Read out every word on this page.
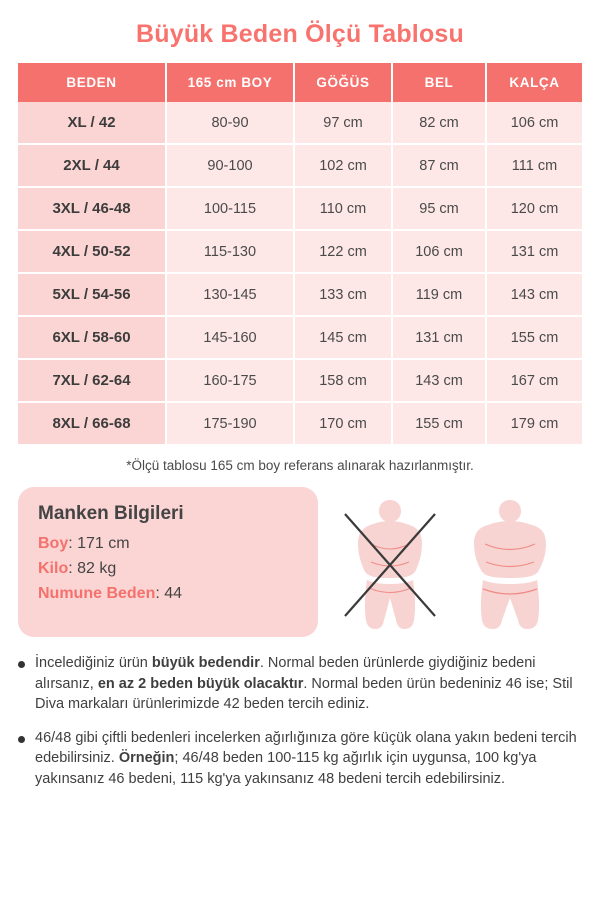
Büyük Beden Ölçü Tablosu
BEDEN	165 cm BOY	GÖĞÜS	BEL	KALÇA
XL / 42	80-90	97 cm	82 cm	106 cm
2XL / 44	90-100	102 cm	87 cm	111 cm
3XL / 46-48	100-115	110 cm	95 cm	120 cm
4XL / 50-52	115-130	122 cm	106 cm	131 cm
5XL / 54-56	130-145	133 cm	119 cm	143 cm
6XL / 58-60	145-160	145 cm	131 cm	155 cm
7XL / 62-64	160-175	158 cm	143 cm	167 cm
8XL / 66-68	175-190	170 cm	155 cm	179 cm
*Ölçü tablosu 165 cm boy referans alınarak hazırlanmıştır.
Manken Bilgileri
Boy: 171 cm
Kilo: 82 kg
Numune Beden: 44

İncelediğiniz ürün büyük bedendir. Normal beden ürünlerde giydiğiniz bedeni alırsanız, en az 2 beden büyük olacaktır. Normal beden ürün bedeniniz 46 ise; Stil Diva markaları ürünlerimizde 42 beden tercih ediniz.

46/48 gibi çiftli bedenleri incelerken ağırlığınıza göre küçük olana yakın bedeni tercih edebilirsiniz. Örneğin; 46/48 beden 100-115 kg ağırlık için uygunsa, 100 kg'ya yakınsanız 46 bedeni, 115 kg'ya yakınsanız 48 bedeni tercih edebilirsiniz.
